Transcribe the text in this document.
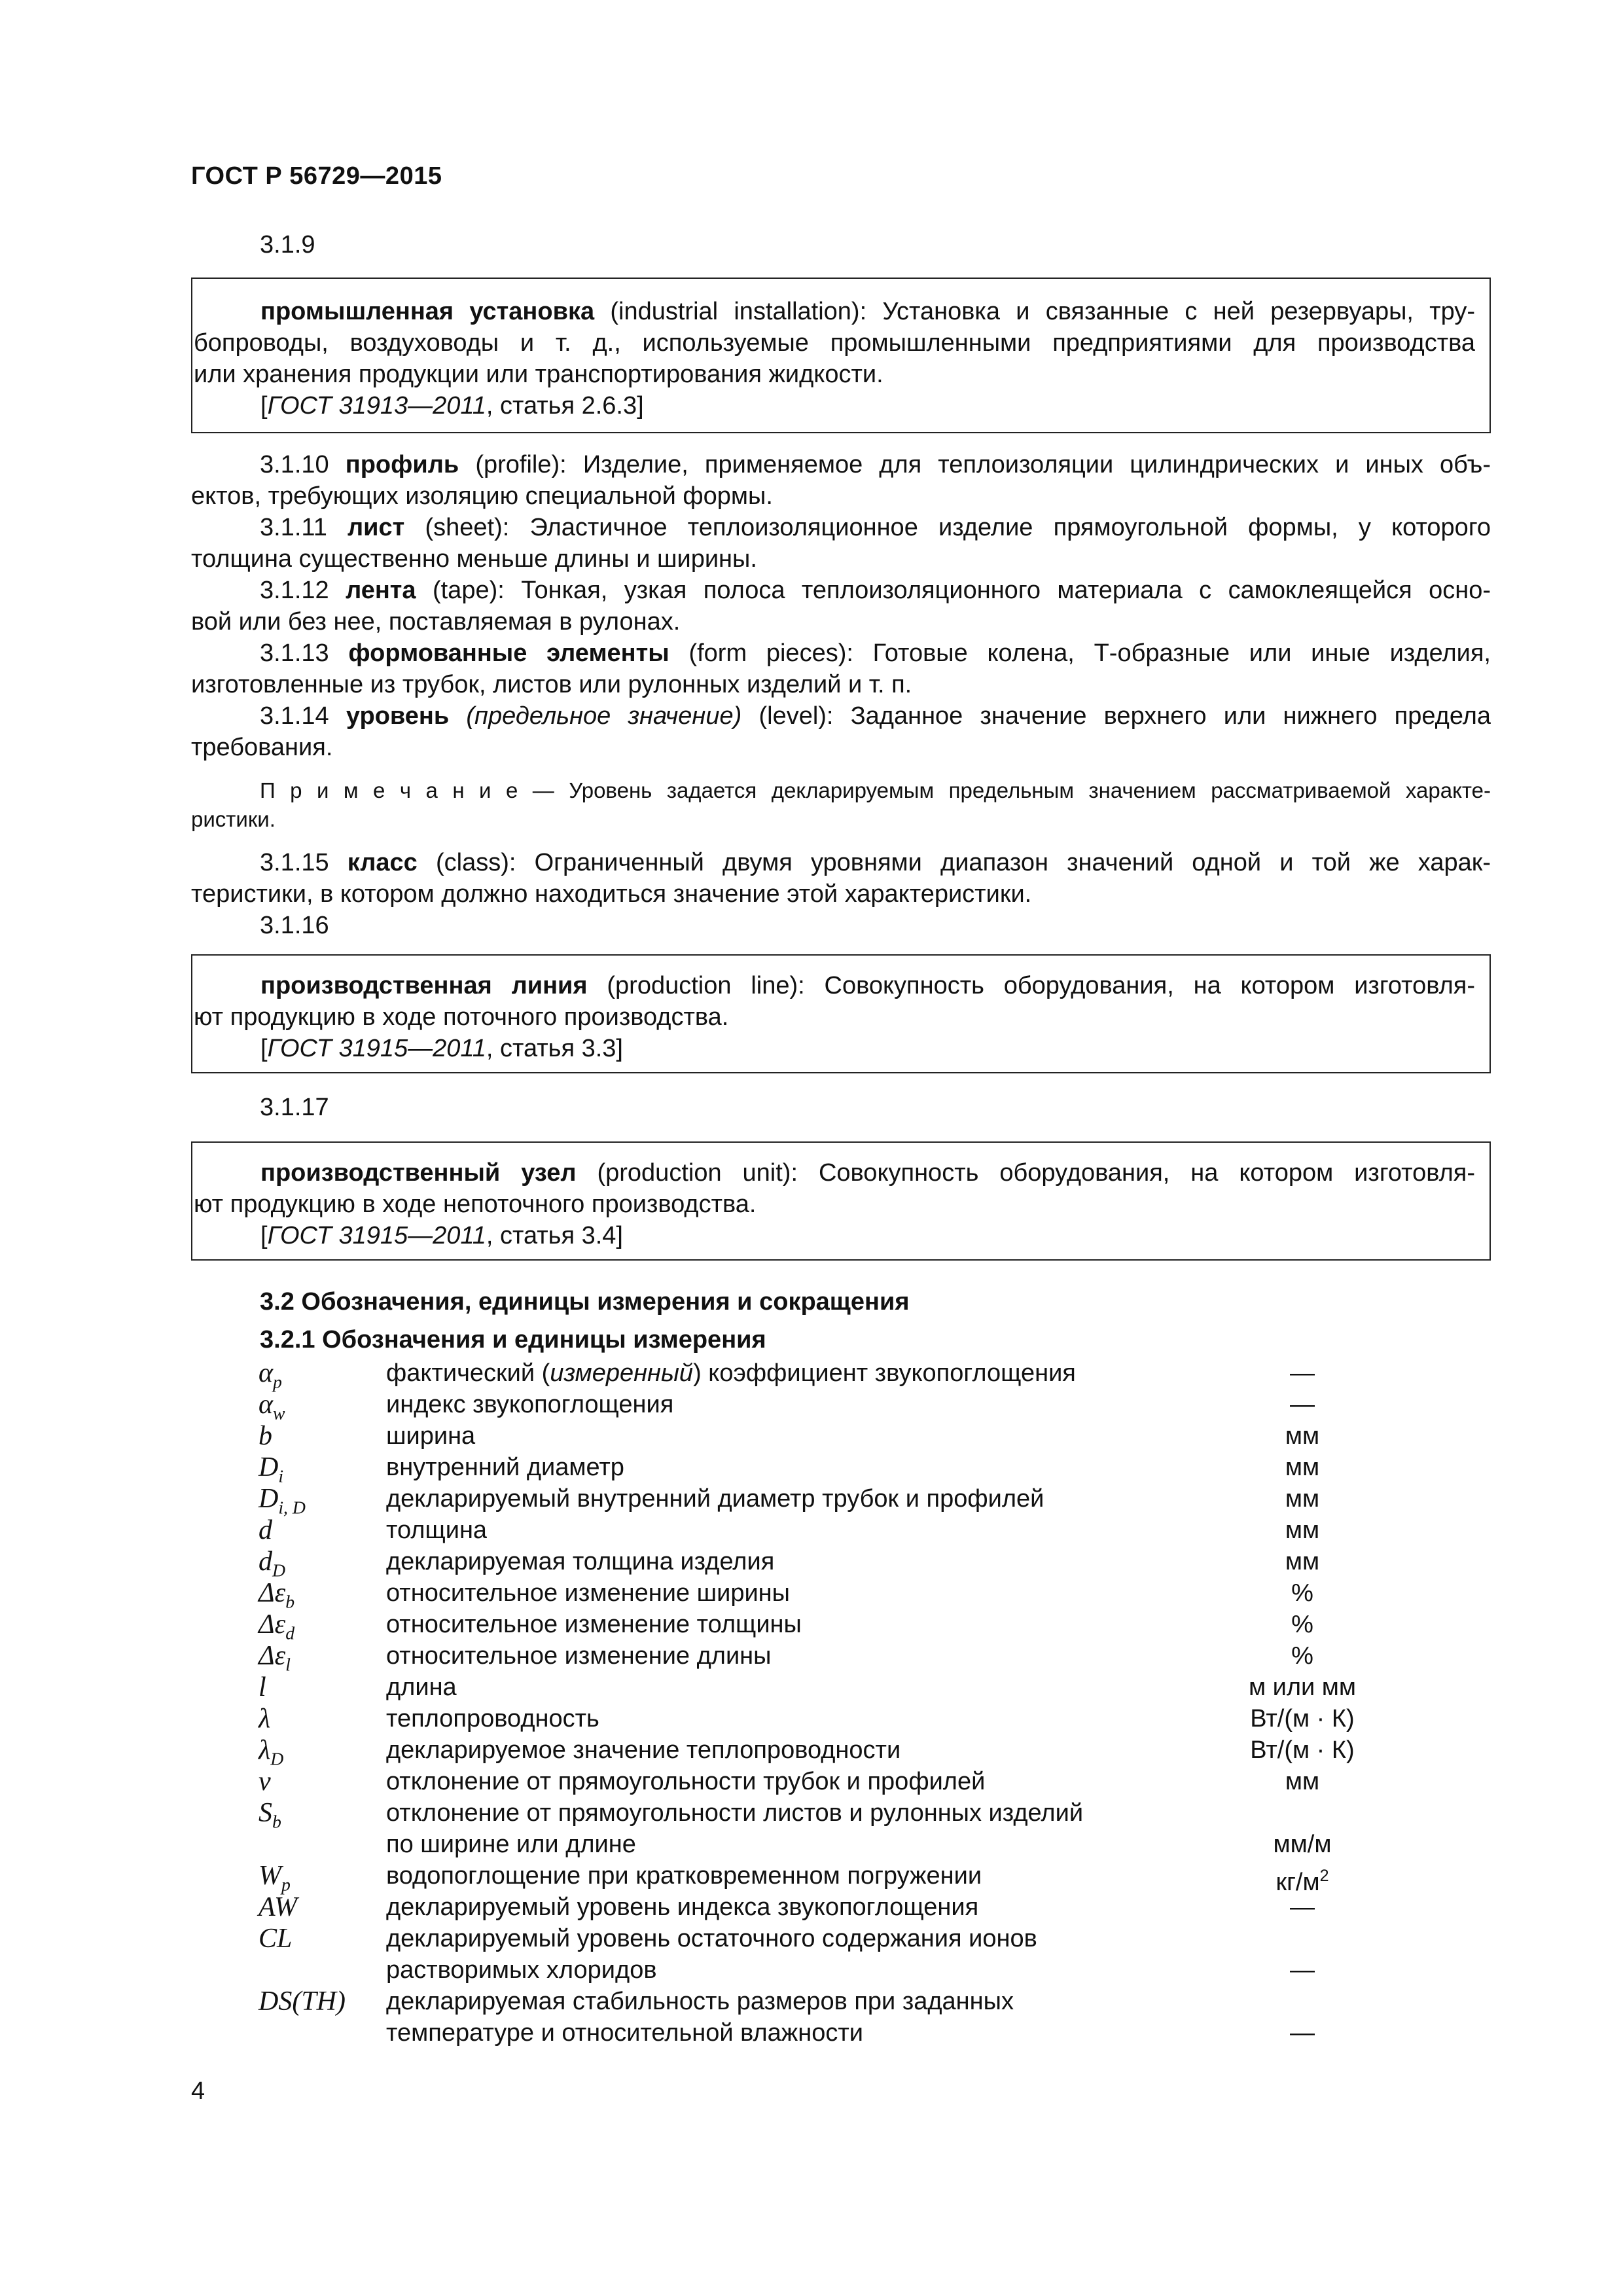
ГОСТ Р 56729—2015
3.1.9
промышленная установка (industrial installation): Установка и связанные с ней резервуары, тру-
бопроводы, воздуховоды и т. д., используемые промышленными предприятиями для производства
или хранения продукции или транспортирования жидкости.
[ГОСТ 31913—2011, статья 2.6.3]
3.1.10 профиль (profile): Изделие, применяемое для теплоизоляции цилиндрических и иных объ-
ектов, требующих изоляцию специальной формы.
3.1.11 лист (sheet): Эластичное теплоизоляционное изделие прямоугольной формы, у которого
толщина существенно меньше длины и ширины.
3.1.12 лента (tape): Тонкая, узкая полоса теплоизоляционного материала с самоклеящейся осно-
вой или без нее, поставляемая в рулонах.
3.1.13 формованные элементы (form pieces): Готовые колена, Т-образные или иные изделия,
изготовленные из трубок, листов или рулонных изделий и т. п.
3.1.14 уровень (предельное значение) (level): Заданное значение верхнего или нижнего предела
требования.
П р и м е ч а н и е — Уровень задается декларируемым предельным значением рассматриваемой характе-
ристики.
3.1.15 класс (class): Ограниченный двумя уровнями диапазон значений одной и той же харак-
теристики, в котором должно находиться значение этой характеристики.
3.1.16
производственная линия (production line): Совокупность оборудования, на котором изготовля-
ют продукцию в ходе поточного производства.
[ГОСТ 31915—2011, статья 3.3]
3.1.17
производственный узел (production unit): Совокупность оборудования, на котором изготовля-
ют продукцию в ходе непоточного производства.
[ГОСТ 31915—2011, статья 3.4]
3.2 Обозначения, единицы измерения и сокращения
3.2.1 Обозначения и единицы измерения
$\alpha_p$	фактический (измеренный) коэффициент звукопоглощения	—
$\alpha_w$	индекс звукопоглощения	—
b	ширина	мм
$D_i$	внутренний диаметр	мм
$D_{i, D}$	декларируемый внутренний диаметр трубок и профилей	мм
d	толщина	мм
$d_D$	декларируемая толщина изделия	мм
$\Delta\varepsilon_b$	относительное изменение ширины	%
$\Delta\varepsilon_d$	относительное изменение толщины	%
$\Delta\varepsilon_l$	относительное изменение длины	%
l	длина	м или мм
λ	теплопроводность	Вт/(м · К)
$\lambda_D$	декларируемое значение теплопроводности	Вт/(м · К)
ν	отклонение от прямоугольности трубок и профилей	мм
$S_b$	отклонение от прямоугольности листов и рулонных изделий
по ширине или длине	мм/м
$W_p$	водопоглощение при кратковременном погружении	$кг/м^2$
AW	декларируемый уровень индекса звукопоглощения	—
CL	декларируемый уровень остаточного содержания ионов
растворимых хлоридов	—
DS(TH) декларируемая стабильность размеров при заданных
температуре и относительной влажности	—
4
